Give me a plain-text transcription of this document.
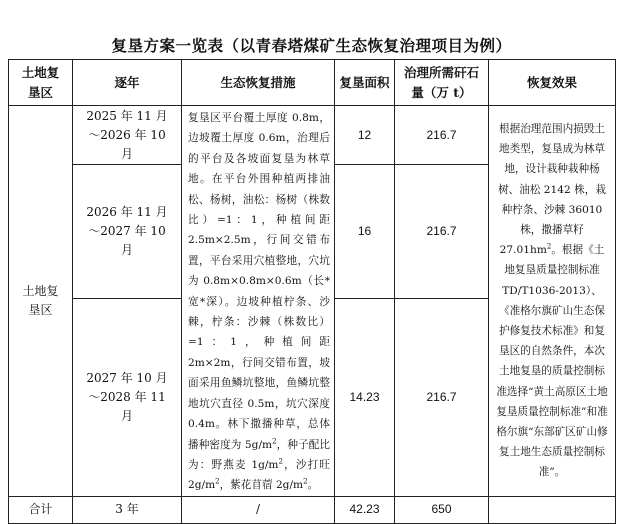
复垦方案一览表（以青春塔煤矿生态恢复治理项目为例）
土地复垦区	逐年	生态恢复措施	复垦面积	治理所需矸石量（万 t）	恢复效果

土地复垦区	2025 年 11 月～2026 年 10 月	复垦区平台覆土厚度 0.8m，边坡覆土厚度 0.6m，治理后的平台及各坡面复垦为林草地。在平台外围种植两排油松、杨树，油松：杨树（株数比）=1：1，种植间距 2.5m×2.5m，行间交错布置，平台采用穴植整地，穴坑为 0.8m×0.8m×0.6m（长*宽*深）。边坡种植柠条、沙棘，柠条：沙棘（株数比）=1：1，种植间距 2m×2m，行间交错布置，坡面采用鱼鳞坑整地，鱼鳞坑整地坑穴直径 0.5m，坑穴深度 0.4m。林下撒播种草，总体播种密度为 $5g/m^2$，种子配比为：野燕麦 $1g/m^2$，沙打旺 $2g/m^2$，紫花苜蓿 $2g/m^2$。	12	216.7	根据治理范围内损毁土地类型，复垦成为林草地，设计栽种栽种杨树、油松 2142 株，栽种柠条、沙棘 36010 株，撒播草籽 $27.01hm^2$。根据《土地复垦质量控制标准 TD/T1036-2013）、《准格尔旗矿山生态保护修复技术标准》和复垦区的自然条件，本次土地复垦的质量控制标准选择“黄土高原区土地复垦质量控制标准”和准格尔旗“东部矿区矿山修复土地生态质量控制标准”。

	2026 年 11 月～2027 年 10 月		16	216.7	

	2027 年 10 月～2028 年 11 月		14.23	216.7	
合计	3 年	/	42.23	650	
